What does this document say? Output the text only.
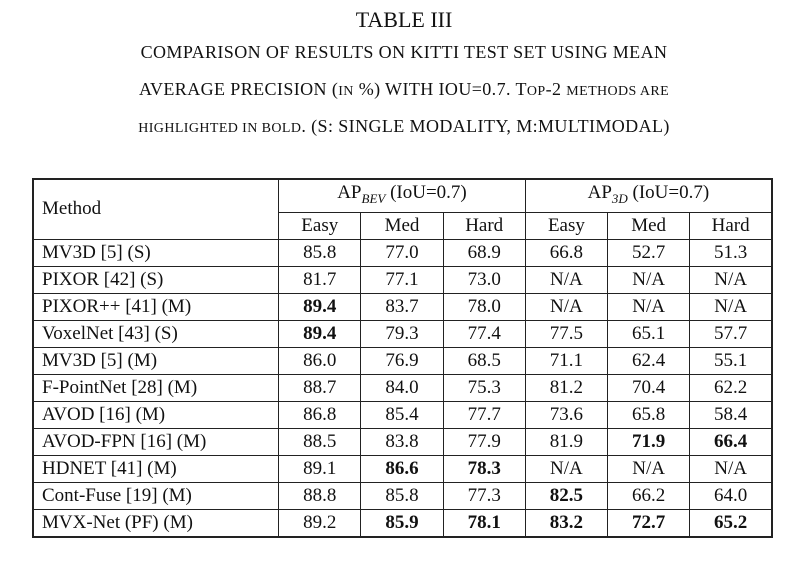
TABLE III
COMPARISON OF RESULTS ON KITTI TEST SET USING MEAN
AVERAGE PRECISION (IN %) WITH IOU=0.7. TOP-2 METHODS ARE
HIGHLIGHTED IN BOLD. (S: SINGLE MODALITY, M:MULTIMODAL)
Method	$AP_{BEV}$ (IoU=0.7)			$AP_{3D}$ (IoU=0.7)		
	Easy	Med	Hard	Easy	Med	Hard
MV3D [5] (S)	85.8	77.0	68.9	66.8	52.7	51.3
PIXOR [42] (S)	81.7	77.1	73.0	N/A	N/A	N/A
PIXOR++ [41] (M)	89.4	83.7	78.0	N/A	N/A	N/A
VoxelNet [43] (S)	89.4	79.3	77.4	77.5	65.1	57.7
MV3D [5] (M)	86.0	76.9	68.5	71.1	62.4	55.1
F-PointNet [28] (M)	88.7	84.0	75.3	81.2	70.4	62.2
AVOD [16] (M)	86.8	85.4	77.7	73.6	65.8	58.4
AVOD-FPN [16] (M)	88.5	83.8	77.9	81.9	71.9	66.4
HDNET [41] (M)	89.1	86.6	78.3	N/A	N/A	N/A
Cont-Fuse [19] (M)	88.8	85.8	77.3	82.5	66.2	64.0
MVX-Net (PF) (M)	89.2	85.9	78.1	83.2	72.7	65.2
